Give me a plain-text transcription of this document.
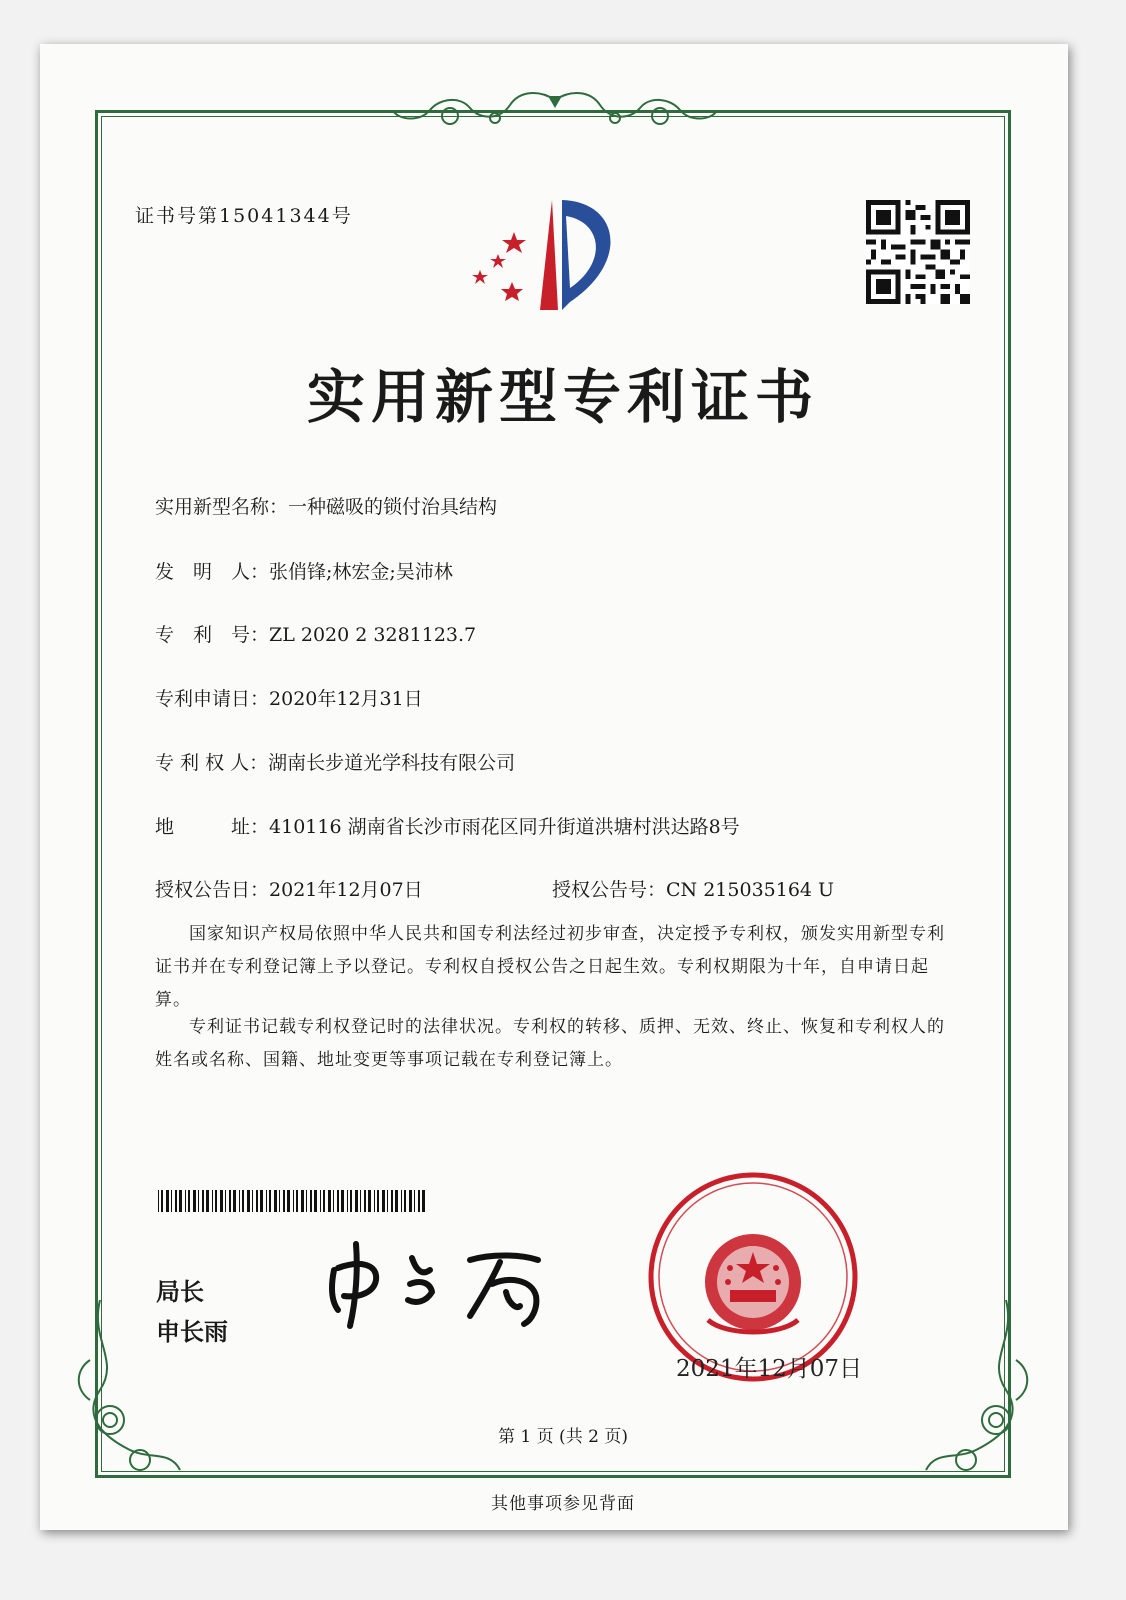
证书号第15041344号
实用新型专利证书
实用新型名称：一种磁吸的锁付治具结构
发　明　人：张俏锋;林宏金;吴沛林
专　利　号：ZL 2020 2 3281123.7
专利申请日：2020年12月31日
专 利 权 人：湖南长步道光学科技有限公司
地　　　址：410116 湖南省长沙市雨花区同升街道洪塘村洪达路8号
授权公告日：2021年12月07日	授权公告号：CN 215035164 U
国家知识产权局依照中华人民共和国专利法经过初步审查，决定授予专利权，颁发实用新型专利证书并在专利登记簿上予以登记。专利权自授权公告之日起生效。专利权期限为十年，自申请日起算。
专利证书记载专利权登记时的法律状况。专利权的转移、质押、无效、终止、恢复和专利权人的姓名或名称、国籍、地址变更等事项记载在专利登记簿上。
局长
申长雨
2021年12月07日
第 1 页 (共 2 页)
其他事项参见背面
